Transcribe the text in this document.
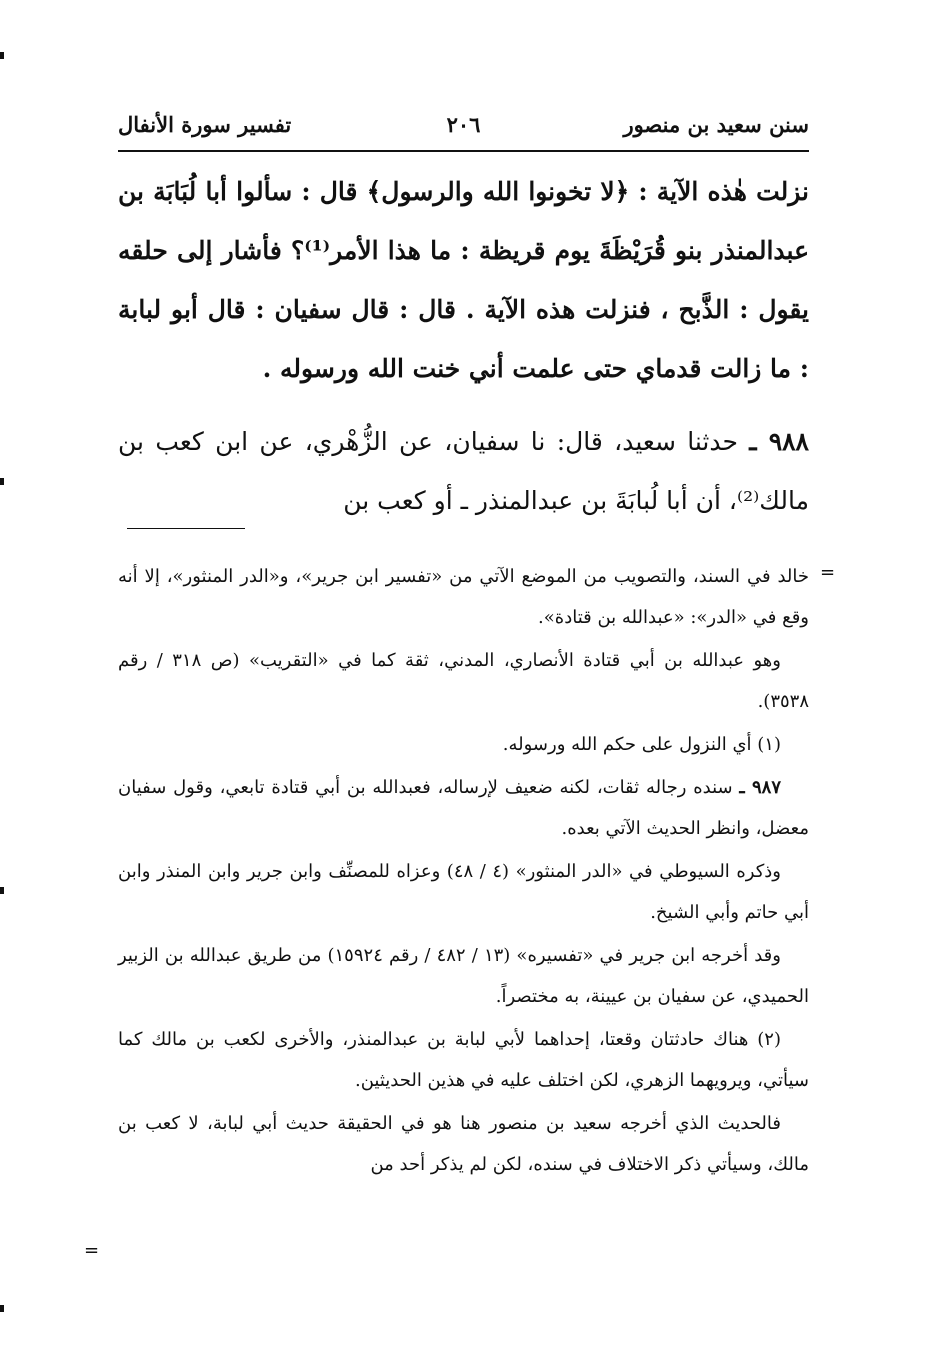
سنن سعيد بن منصور
٢٠٦
تفسير سورة الأنفال

نزلت هٰذه الآية : ﴿لا تخونوا الله والرسول﴾ قال : سألوا أبا لُبَابَة بن عبدالمنذر بنو قُرَيْظَةَ يوم قريظة : ما هذا الأمر⁽¹⁾؟ فأشار إلى حلقه يقول : الذَّبح ، فنزلت هذه الآية . قال : قال سفيان : قال أبو لبابة : ما زالت قدماي حتى علمت أني خنت الله ورسوله .

٩٨٨ ـ حدثنا سعيد، قال: نا سفيان، عن الزُّهْري، عن ابن كعب بن مالك⁽²⁾، أن أبا لُبابَةَ بن عبدالمنذر ـ أو كعب بن

=

خالد في السند، والتصويب من الموضع الآتي من «تفسير ابن جرير»، و«الدر المنثور»، إلا أنه وقع في «الدر»: «عبدالله بن قتادة».

وهو عبدالله بن أبي قتادة الأنصاري، المدني، ثقة كما في «التقريب» (ص ٣١٨ / رقم ٣٥٣٨).

(١) أي النزول على حكم الله ورسوله.

٩٨٧ ـ سنده رجاله ثقات، لكنه ضعيف لإرساله، فعبدالله بن أبي قتادة تابعي، وقول سفيان معضل، وانظر الحديث الآتي بعده.

وذكره السيوطي في «الدر المنثور» (٤ / ٤٨) وعزاه للمصنِّف وابن جرير وابن المنذر وابن أبي حاتم وأبي الشيخ.

وقد أخرجه ابن جرير في «تفسيره» (١٣ / ٤٨٢ / رقم ١٥٩٢٤) من طريق عبدالله بن الزبير الحميدي، عن سفيان بن عيينة، به مختصراً.

(٢) هناك حادثتان وقعتا، إحداهما لأبي لبابة بن عبدالمنذر، والأخرى لكعب بن مالك كما سيأتي، ويرويهما الزهري، لكن اختلف عليه في هذين الحديثين.

فالحديث الذي أخرجه سعيد بن منصور هنا هو في الحقيقة حديث أبي لبابة، لا كعب بن مالك، وسيأتي ذكر الاختلاف في سنده، لكن لم يذكر أحد من

=
